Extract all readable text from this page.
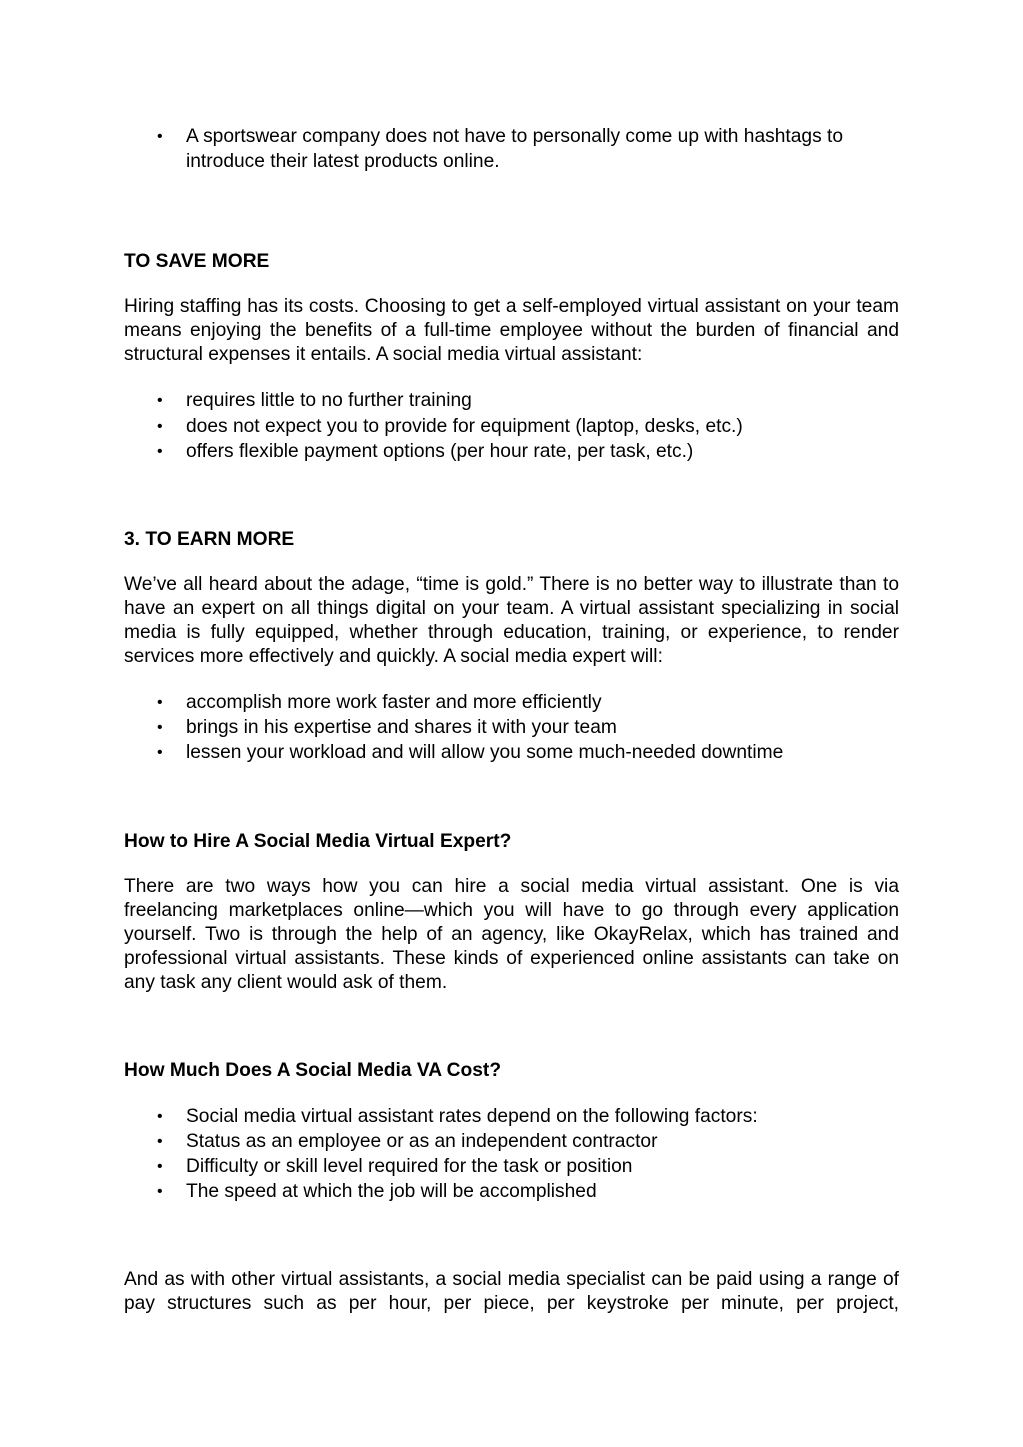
• A sportswear company does not have to personally come up with hashtags to introduce their latest products online.
TO SAVE MORE

Hiring staffing has its costs. Choosing to get a self-employed virtual assistant on your team means enjoying the benefits of a full-time employee without the burden of financial and structural expenses it entails. A social media virtual assistant:

• requires little to no further training
• does not expect you to provide for equipment (laptop, desks, etc.)
• offers flexible payment options (per hour rate, per task, etc.)
3. TO EARN MORE

We’ve all heard about the adage, “time is gold.” There is no better way to illustrate than to have an expert on all things digital on your team. A virtual assistant specializing in social media is fully equipped, whether through education, training, or experience, to render services more effectively and quickly. A social media expert will:

• accomplish more work faster and more efficiently
• brings in his expertise and shares it with your team
• lessen your workload and will allow you some much-needed downtime
How to Hire A Social Media Virtual Expert?

There are two ways how you can hire a social media virtual assistant. One is via freelancing marketplaces online—which you will have to go through every application yourself. Two is through the help of an agency, like OkayRelax, which has trained and professional virtual assistants. These kinds of experienced online assistants can take on any task any client would ask of them.

How Much Does A Social Media VA Cost?
• Social media virtual assistant rates depend on the following factors:
• Status as an employee or as an independent contractor
• Difficulty or skill level required for the task or position
• The speed at which the job will be accomplished

And as with other virtual assistants, a social media specialist can be paid using a range of pay structures such as per hour, per piece, per keystroke per minute, per project,
